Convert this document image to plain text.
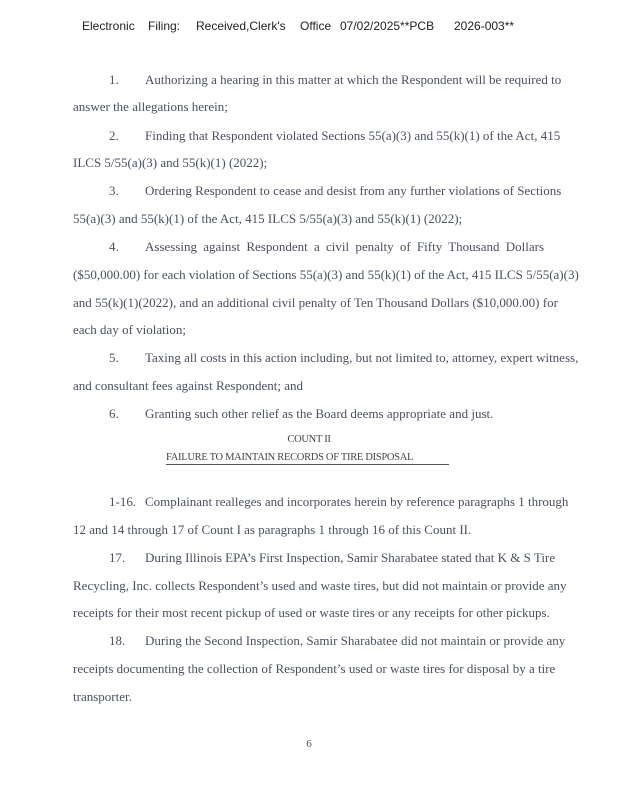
Electronic Filing: Received,Clerk's Office 07/02/2025**PCB 2026-003**
1. Authorizing a hearing in this matter at which the Respondent will be required to
answer the allegations herein;
2. Finding that Respondent violated Sections 55(a)(3) and 55(k)(1) of the Act, 415
ILCS 5/55(a)(3) and 55(k)(1) (2022);
3. Ordering Respondent to cease and desist from any further violations of Sections
55(a)(3) and 55(k)(1) of the Act, 415 ILCS 5/55(a)(3) and 55(k)(1) (2022);
4. Assessing against Respondent a civil penalty of Fifty Thousand Dollars
($50,000.00) for each violation of Sections 55(a)(3) and 55(k)(1) of the Act, 415 ILCS 5/55(a)(3)
and 55(k)(1)(2022), and an additional civil penalty of Ten Thousand Dollars ($10,000.00) for
each day of violation;
5. Taxing all costs in this action including, but not limited to, attorney, expert witness,
and consultant fees against Respondent; and
6. Granting such other relief as the Board deems appropriate and just.
COUNT II
FAILURE TO MAINTAIN RECORDS OF TIRE DISPOSAL
1-16. Complainant realleges and incorporates herein by reference paragraphs 1 through
12 and 14 through 17 of Count I as paragraphs 1 through 16 of this Count II.
17. During Illinois EPA’s First Inspection, Samir Sharabatee stated that K & S Tire
Recycling, Inc. collects Respondent’s used and waste tires, but did not maintain or provide any
receipts for their most recent pickup of used or waste tires or any receipts for other pickups.
18. During the Second Inspection, Samir Sharabatee did not maintain or provide any
receipts documenting the collection of Respondent’s used or waste tires for disposal by a tire
transporter.
6
